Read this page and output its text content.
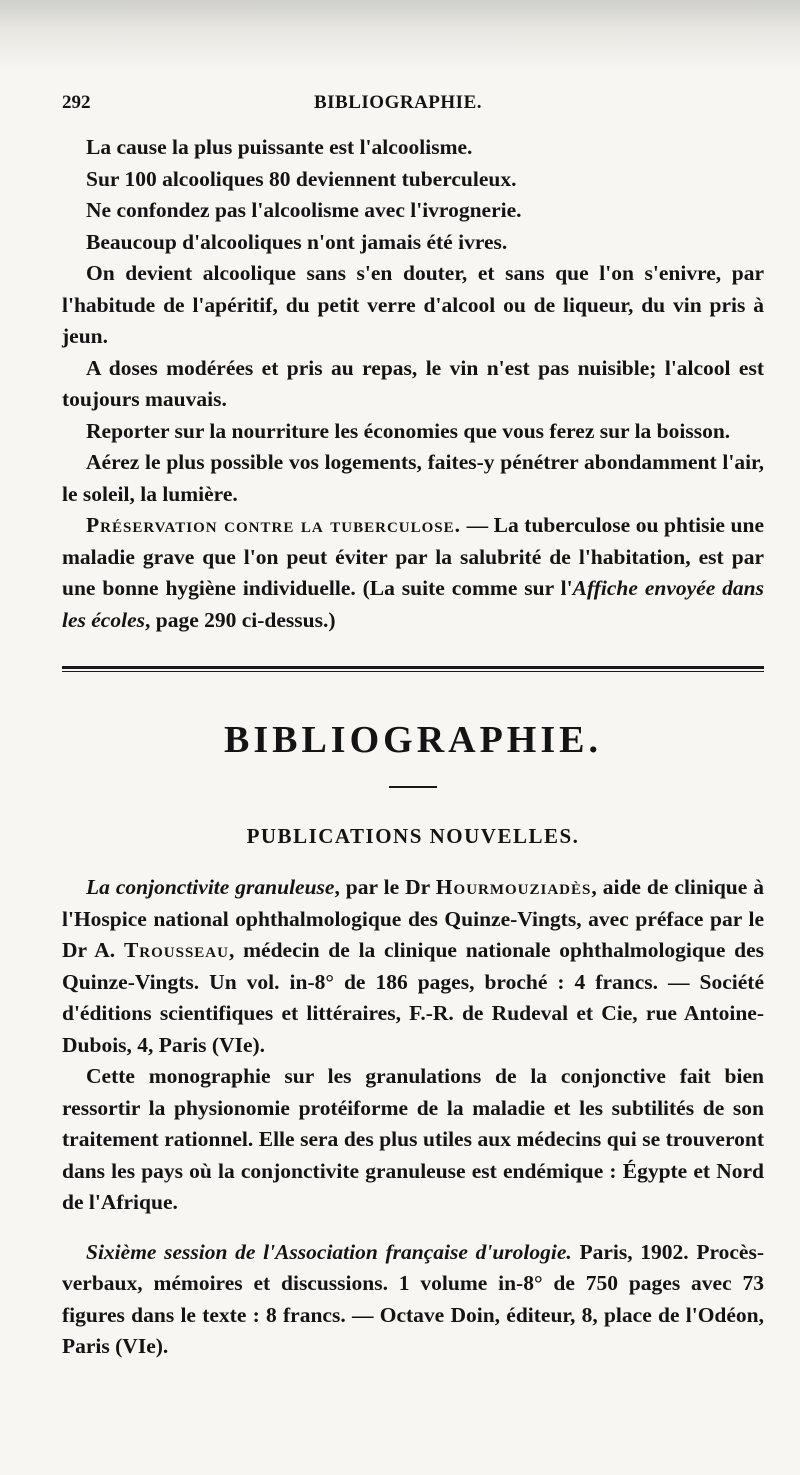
292	BIBLIOGRAPHIE.

La cause la plus puissante est l'alcoolisme.

Sur 100 alcooliques 80 deviennent tuberculeux.

Ne confondez pas l'alcoolisme avec l'ivrognerie.

Beaucoup d'alcooliques n'ont jamais été ivres.

On devient alcoolique sans s'en douter, et sans que l'on s'enivre, par l'habitude de l'apéritif, du petit verre d'alcool ou de liqueur, du vin pris à jeun.

A doses modérées et pris au repas, le vin n'est pas nuisible; l'alcool est toujours mauvais.

Reporter sur la nourriture les économies que vous ferez sur la boisson.

Aérez le plus possible vos logements, faites-y pénétrer abondamment l'air, le soleil, la lumière.

Préservation contre la tuberculose. — La tuberculose ou phtisie une maladie grave que l'on peut éviter par la salubrité de l'habitation, est par une bonne hygiène individuelle. (La suite comme sur l'Affiche envoyée dans les écoles, page 290 ci-dessus.)

BIBLIOGRAPHIE.
PUBLICATIONS NOUVELLES.

La conjonctivite granuleuse, par le Dr Hourmouziadès, aide de clinique à l'Hospice national ophthalmologique des Quinze-Vingts, avec préface par le Dr A. Trousseau, médecin de la clinique nationale ophthalmologique des Quinze-Vingts. Un vol. in-8° de 186 pages, broché : 4 francs. — Société d'éditions scientifiques et littéraires, F.-R. de Rudeval et Cie, rue Antoine-Dubois, 4, Paris (VIe).

Cette monographie sur les granulations de la conjonctive fait bien ressortir la physionomie protéiforme de la maladie et les subtilités de son traitement rationnel. Elle sera des plus utiles aux médecins qui se trouveront dans les pays où la conjonctivite granuleuse est endémique : Égypte et Nord de l'Afrique.

Sixième session de l'Association française d'urologie. Paris, 1902. Procès-verbaux, mémoires et discussions. 1 volume in-8° de 750 pages avec 73 figures dans le texte : 8 francs. — Octave Doin, éditeur, 8, place de l'Odéon, Paris (VIe).
